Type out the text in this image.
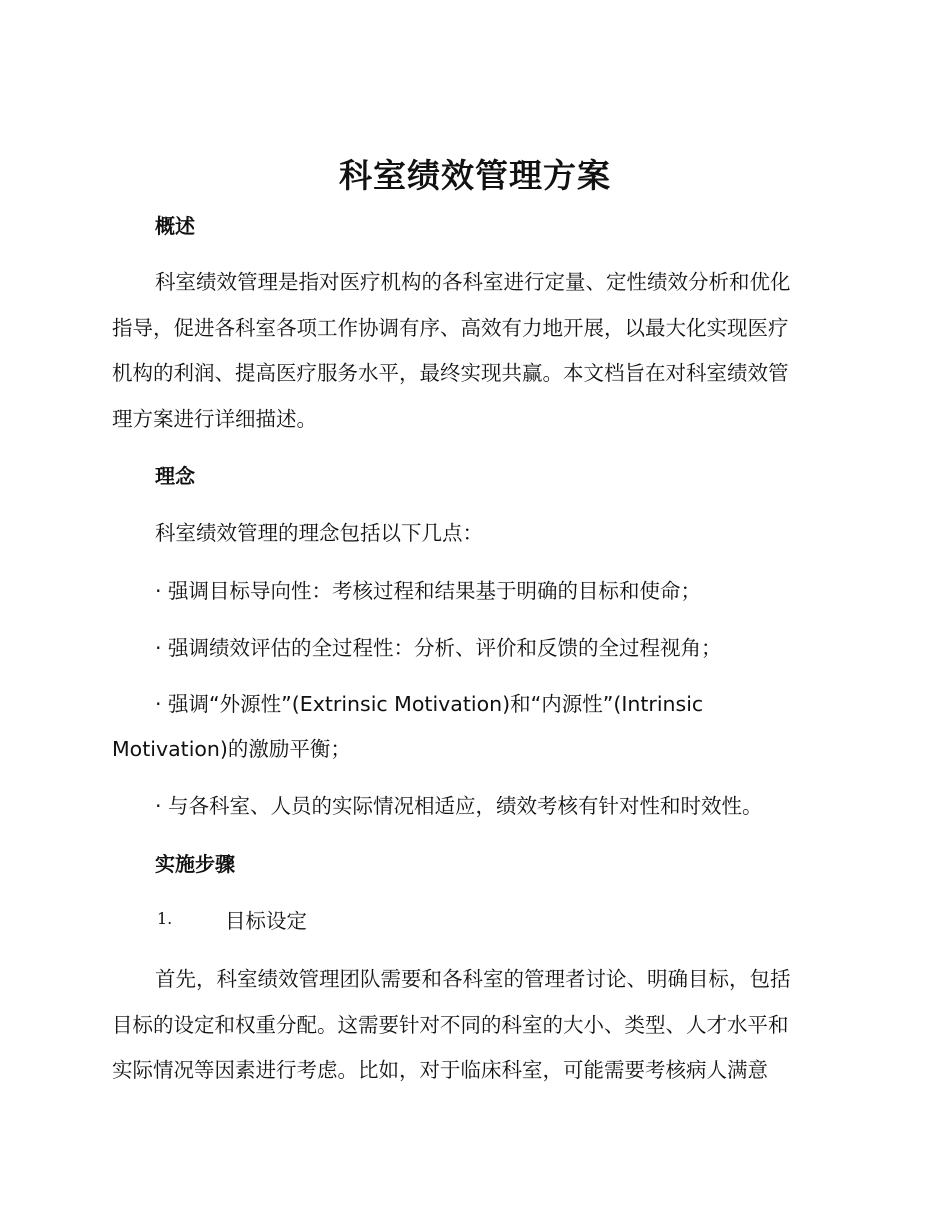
科室绩效管理方案
概述
科室绩效管理是指对医疗机构的各科室进行定量、定性绩效分析和优化
指导，促进各科室各项工作协调有序、高效有力地开展，以最大化实现医疗
机构的利润、提高医疗服务水平，最终实现共赢。本文档旨在对科室绩效管
理方案进行详细描述。
理念
科室绩效管理的理念包括以下几点：
· 强调目标导向性：考核过程和结果基于明确的目标和使命；
· 强调绩效评估的全过程性：分析、评价和反馈的全过程视角；
· 强调“外源性”(Extrinsic Motivation)和“内源性”(Intrinsic
Motivation)的激励平衡；
· 与各科室、人员的实际情况相适应，绩效考核有针对性和时效性。
实施步骤
1.	目标设定
首先，科室绩效管理团队需要和各科室的管理者讨论、明确目标，包括
目标的设定和权重分配。这需要针对不同的科室的大小、类型、人才水平和
实际情况等因素进行考虑。比如，对于临床科室，可能需要考核病人满意
